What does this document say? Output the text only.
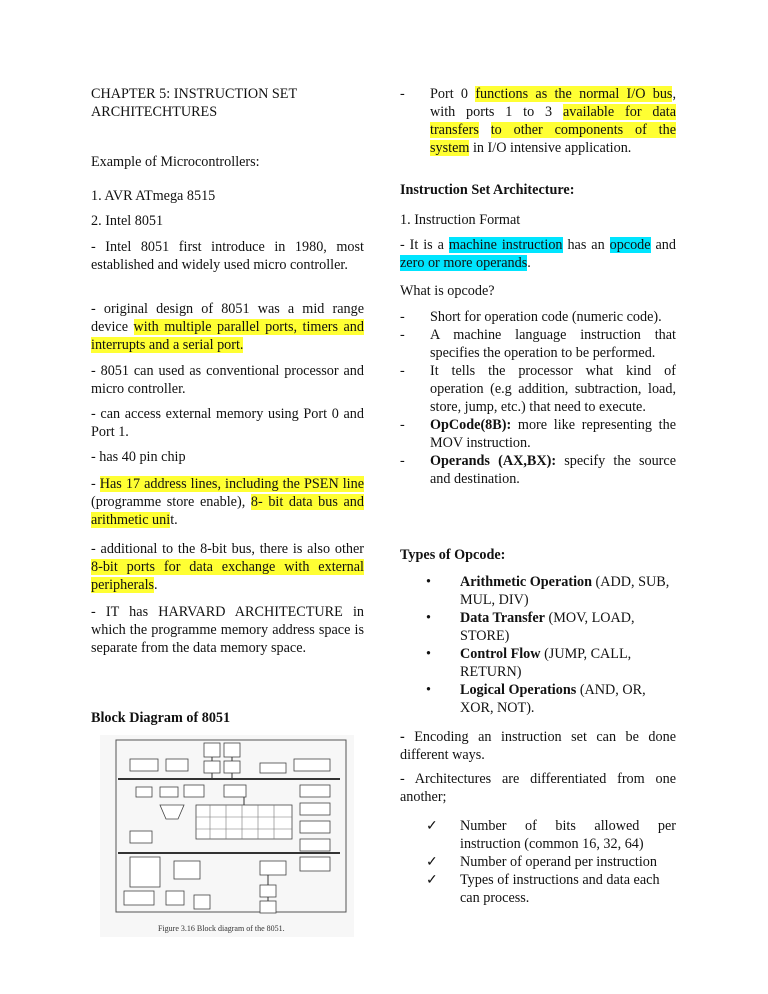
CHAPTER 5: INSTRUCTION SET ARCHITECHTURES

Example of Microcontrollers:

1. AVR ATmega 8515

2. Intel 8051

- Intel 8051 first introduce in 1980, most established and widely used micro controller.

- original design of 8051 was a mid range device with multiple parallel ports, timers and interrupts and a serial port.

- 8051 can used as conventional processor and micro controller.

- can access external memory using Port 0 and Port 1.

- has 40 pin chip

- Has 17 address lines, including the PSEN line (programme store enable), 8- bit data bus and arithmetic unit.

- additional to the 8-bit bus, there is also other 8-bit ports for data exchange with external peripherals.

- IT has HARVARD ARCHITECTURE in which the programme memory address space is separate from the data memory space.

Block Diagram of 8051

Figure 3.16 Block diagram of the 8051.
-	Port 0 functions as the normal I/O bus, with ports 1 to 3 available for data transfers to other components of the system in I/O intensive application.

Instruction Set Architecture:

1. Instruction Format

- It is a machine instruction has an opcode and zero or more operands.

What is opcode?

-	Short for operation code (numeric code).
-	A machine language instruction that specifies the operation to be performed.
-	It tells the processor what kind of operation (e.g addition, subtraction, load, store, jump, etc.) that need to execute.
-	OpCode(8B): more like representing the MOV instruction.
-	Operands (AX,BX): specify the source and destination.

Types of Opcode:

•	Arithmetic Operation (ADD, SUB, MUL, DIV)
•	Data Transfer (MOV, LOAD, STORE)
•	Control Flow (JUMP, CALL, RETURN)
•	Logical Operations (AND, OR, XOR, NOT).

- Encoding an instruction set can be done different ways.

- Architectures are differentiated from one another;

✓	Number of bits allowed per instruction (common 16, 32, 64)
✓	Number of operand per instruction
✓	Types of instructions and data each can process.
